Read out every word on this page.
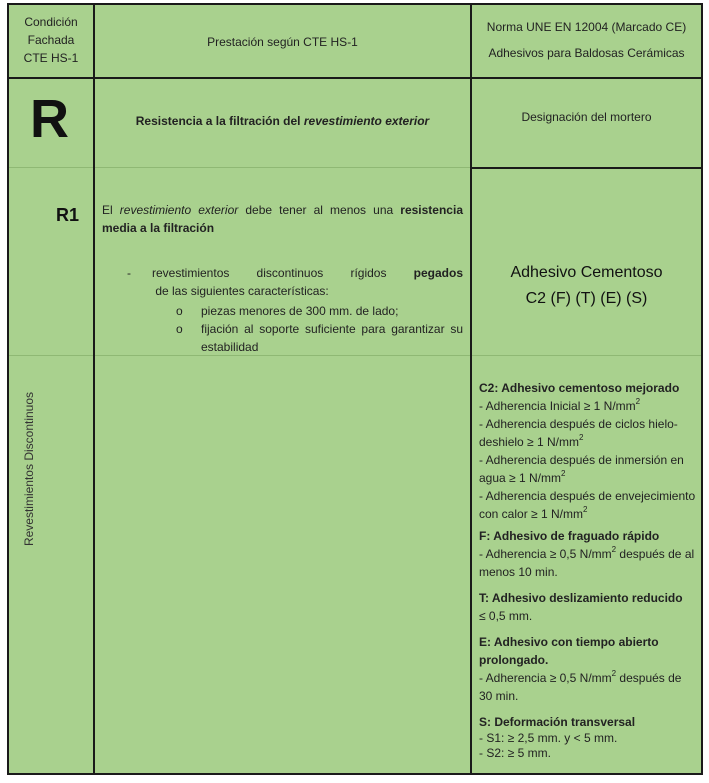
Condición
Fachada
CTE HS-1
Prestación según CTE HS-1
Norma UNE EN 12004 (Marcado CE)
Adhesivos para Baldosas Cerámicas
R	Resistencia a la filtración del revestimiento exterior	Designación del mortero
R1
Revestimientos Discontinuos
El revestimiento exterior debe tener al menos una resistencia media a la filtración
- revestimientos discontinuos rígidos pegados de las siguientes características:
o piezas menores de 300 mm. de lado;
o fijación al soporte suficiente para garantizar su estabilidad
Adhesivo Cementoso
C2 (F) (T) (E) (S)
C2: Adhesivo cementoso mejorado
- Adherencia Inicial ≥ 1 $N/mm^2$
- Adherencia después de ciclos hielo-deshielo ≥ 1 $N/mm^2$
- Adherencia después de inmersión en agua ≥ 1 $N/mm^2$
- Adherencia después de envejecimiento con calor ≥ 1 $N/mm^2$
F: Adhesivo de fraguado rápido
- Adherencia ≥ 0,5 $N/mm^2$ después de al menos 10 min.
T: Adhesivo deslizamiento reducido
≤ 0,5 mm.
E: Adhesivo con tiempo abierto prolongado.
- Adherencia ≥ 0,5 $N/mm^2$ después de 30 min.
S: Deformación transversal
- S1: ≥ 2,5 mm. y < 5 mm.
- S2: ≥ 5 mm.
